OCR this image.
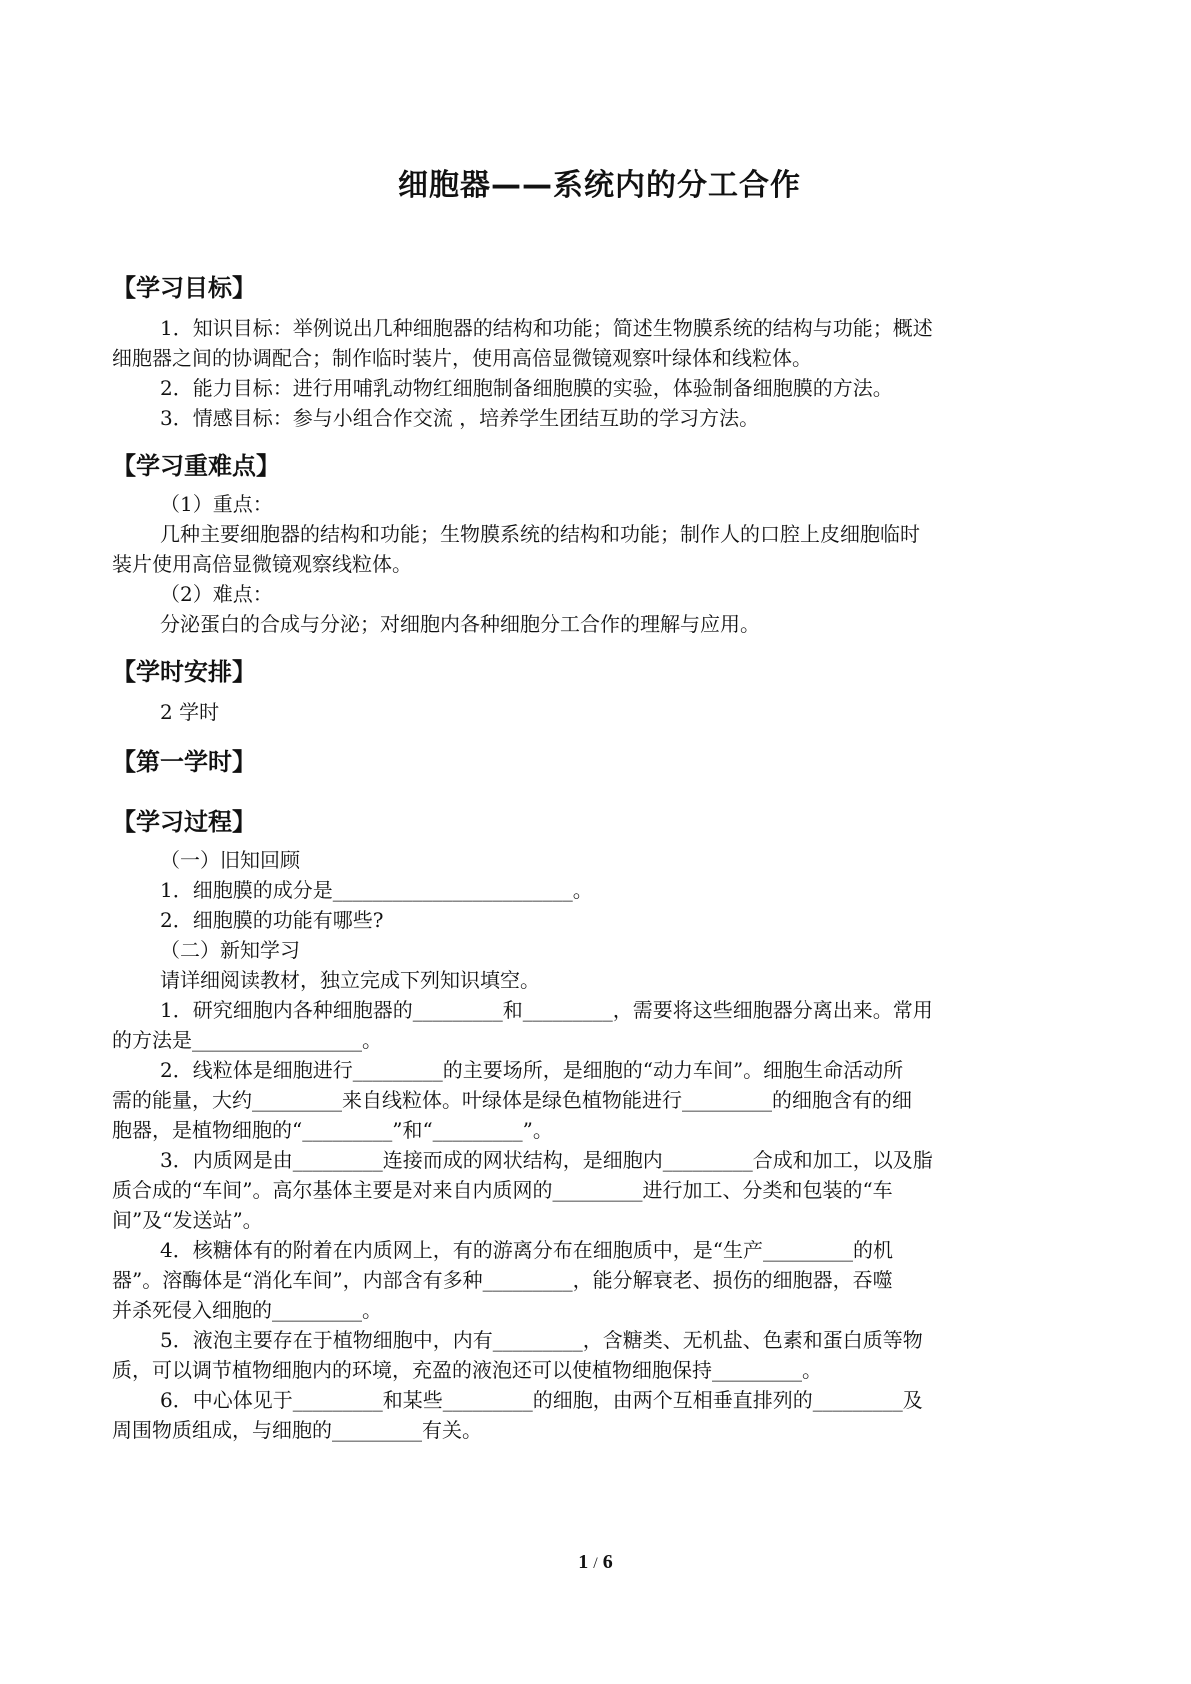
细胞器——系统内的分工合作
【学习目标】
1．知识目标：举例说出几种细胞器的结构和功能；简述生物膜系统的结构与功能；概述
细胞器之间的协调配合；制作临时装片，使用高倍显微镜观察叶绿体和线粒体。
2．能力目标：进行用哺乳动物红细胞制备细胞膜的实验，体验制备细胞膜的方法。
3．情感目标：参与小组合作交流 ，培养学生团结互助的学习方法。
【学习重难点】
（1）重点：
几种主要细胞器的结构和功能；生物膜系统的结构和功能；制作人的口腔上皮细胞临时
装片使用高倍显微镜观察线粒体。
（2）难点：
分泌蛋白的合成与分泌；对细胞内各种细胞分工合作的理解与应用。
【学时安排】
2 学时
【第一学时】
【学习过程】
（一）旧知回顾
1．细胞膜的成分是________________________。
2．细胞膜的功能有哪些?
（二）新知学习
请详细阅读教材，独立完成下列知识填空。
1．研究细胞内各种细胞器的_________和_________，需要将这些细胞器分离出来。常用
的方法是_________________。
2．线粒体是细胞进行_________的主要场所，是细胞的“动力车间”。细胞生命活动所
需的能量，大约_________来自线粒体。叶绿体是绿色植物能进行_________的细胞含有的细
胞器，是植物细胞的“_________”和“_________”。
3．内质网是由_________连接而成的网状结构，是细胞内_________合成和加工，以及脂
质合成的“车间”。高尔基体主要是对来自内质网的_________进行加工、分类和包装的“车
间”及“发送站”。
4．核糖体有的附着在内质网上，有的游离分布在细胞质中，是“生产_________的机
器”。溶酶体是“消化车间”，内部含有多种_________，能分解衰老、损伤的细胞器，吞噬
并杀死侵入细胞的_________。
5．液泡主要存在于植物细胞中，内有_________，含糖类、无机盐、色素和蛋白质等物
质，可以调节植物细胞内的环境，充盈的液泡还可以使植物细胞保持_________。
6．中心体见于_________和某些_________的细胞，由两个互相垂直排列的_________及
周围物质组成，与细胞的_________有关。
1 / 6
